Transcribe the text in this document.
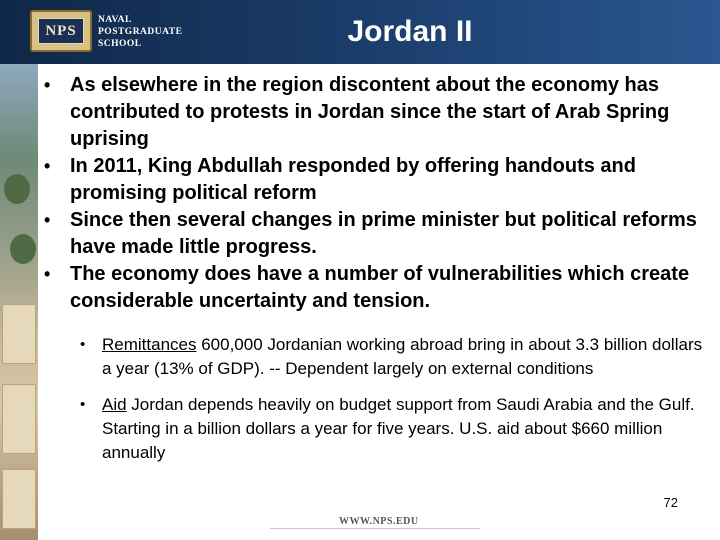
NPS
NAVAL
POSTGRADUATE
SCHOOL	Jordan II
• As elsewhere in the region discontent about the economy has contributed to protests in Jordan since the start of Arab Spring uprising
• In 2011, King Abdullah responded by offering handouts and promising political reform
• Since then several changes in prime minister but political reforms have made little progress.
• The economy does have a number of vulnerabilities which create considerable uncertainty and tension.
• Remittances 600,000 Jordanian working abroad bring in about 3.3 billion dollars a year (13% of GDP). -- Dependent largely on external conditions
• Aid Jordan depends heavily on budget support from Saudi Arabia and the Gulf. Starting in a billion dollars a year for five years. U.S. aid about $660 million annually
72
WWW.NPS.EDU
